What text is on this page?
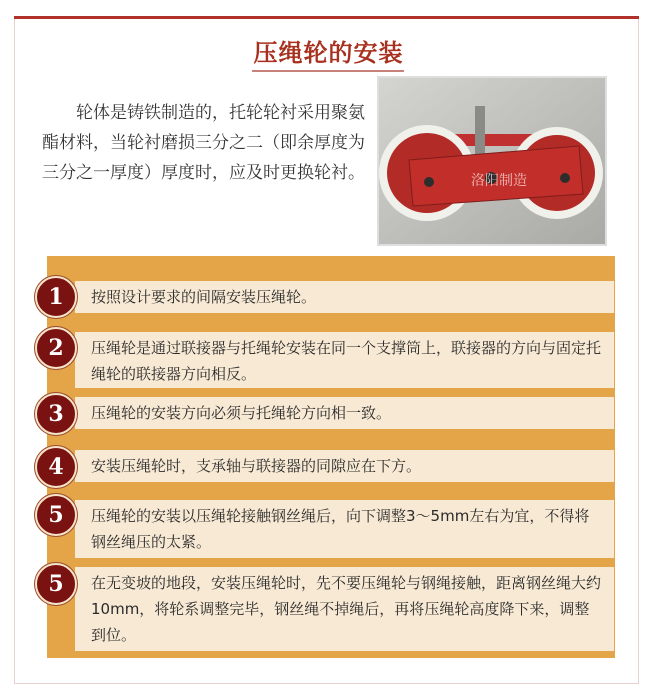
压绳轮的安装

轮体是铸铁制造的，托轮轮衬采用聚氨酯材料，当轮衬磨损三分之二（即余厚度为三分之一厚度）厚度时，应及时更换轮衬。	洛阳制造
按照设计要求的间隔安装压绳轮。
1
压绳轮是通过联接器与托绳轮安装在同一个支撑筒上，联接器的方向与固定托绳轮的联接器方向相反。
2
压绳轮的安装方向必须与托绳轮方向相一致。
3
安装压绳轮时，支承轴与联接器的同隙应在下方。
4
压绳轮的安装以压绳轮接触钢丝绳后，向下调整3～5mm左右为宜，不得将钢丝绳压的太紧。
5
在无变坡的地段，安装压绳轮时，先不要压绳轮与钢绳接触，距离钢丝绳大约10mm，将轮系调整完毕，钢丝绳不掉绳后，再将压绳轮高度降下来，调整到位。
5
